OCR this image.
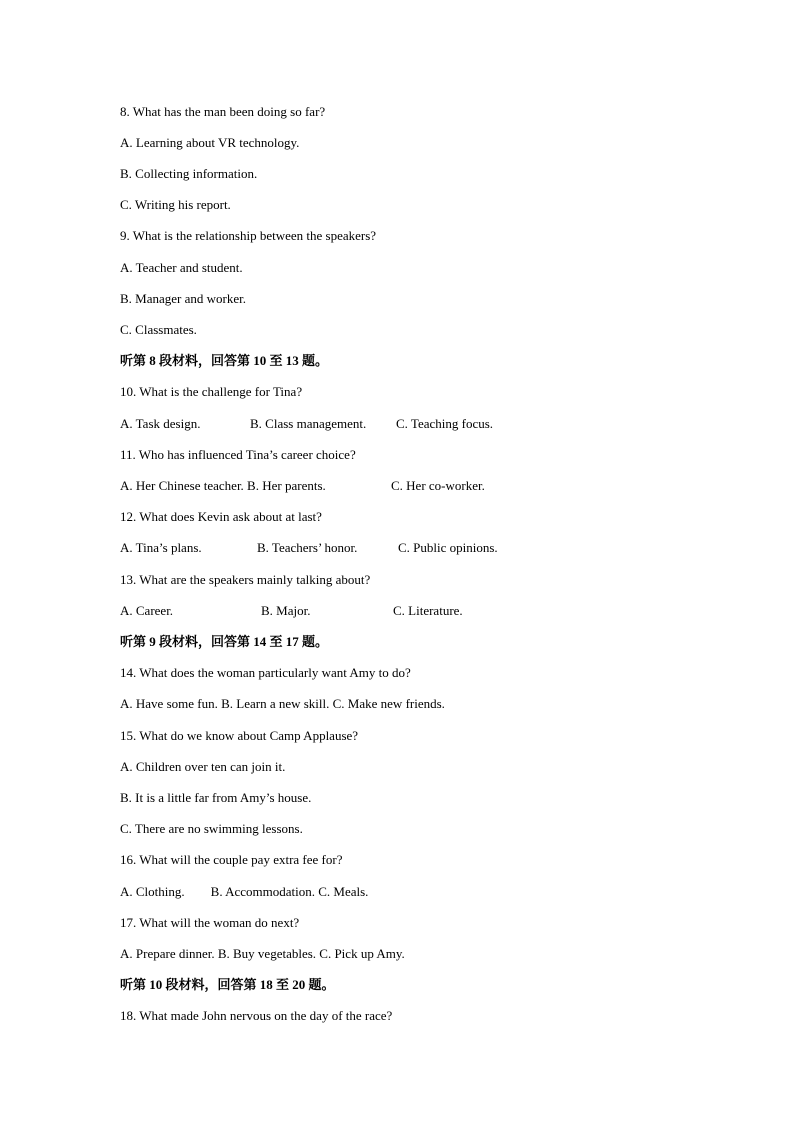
8. What has the man been doing so far?
A. Learning about VR technology.
B. Collecting information.
C. Writing his report.
9. What is the relationship between the speakers?
A. Teacher and student.
B. Manager and worker.
C. Classmates.
听第 8 段材料，回答第 10 至 13 题。
10. What is the challenge for Tina?

A. Task design.

	B. Class management.

C. Teaching focus.

11. Who has influenced Tina’s career choice?

A. Her Chinese teacher. B. Her parents.

	C. Her co-worker.

12. What does Kevin ask about at last?

A. Tina’s plans.

	B. Teachers’ honor.

	C. Public opinions.

13. What are the speakers mainly talking about?

A. Career.

	B. Major.

	C. Literature.

听第 9 段材料，回答第 14 至 17 题。
14. What does the woman particularly want Amy to do?
A. Have some fun. B. Learn a new skill. C. Make new friends.
15. What do we know about Camp Applause?
A. Children over ten can join it.
B. It is a little far from Amy’s house.
C. There are no swimming lessons.
16. What will the couple pay extra fee for?
A. Clothing.        B. Accommodation. C. Meals.
17. What will the woman do next?
A. Prepare dinner. B. Buy vegetables. C. Pick up Amy.
听第 10 段材料，回答第 18 至 20 题。
18. What made John nervous on the day of the race?
